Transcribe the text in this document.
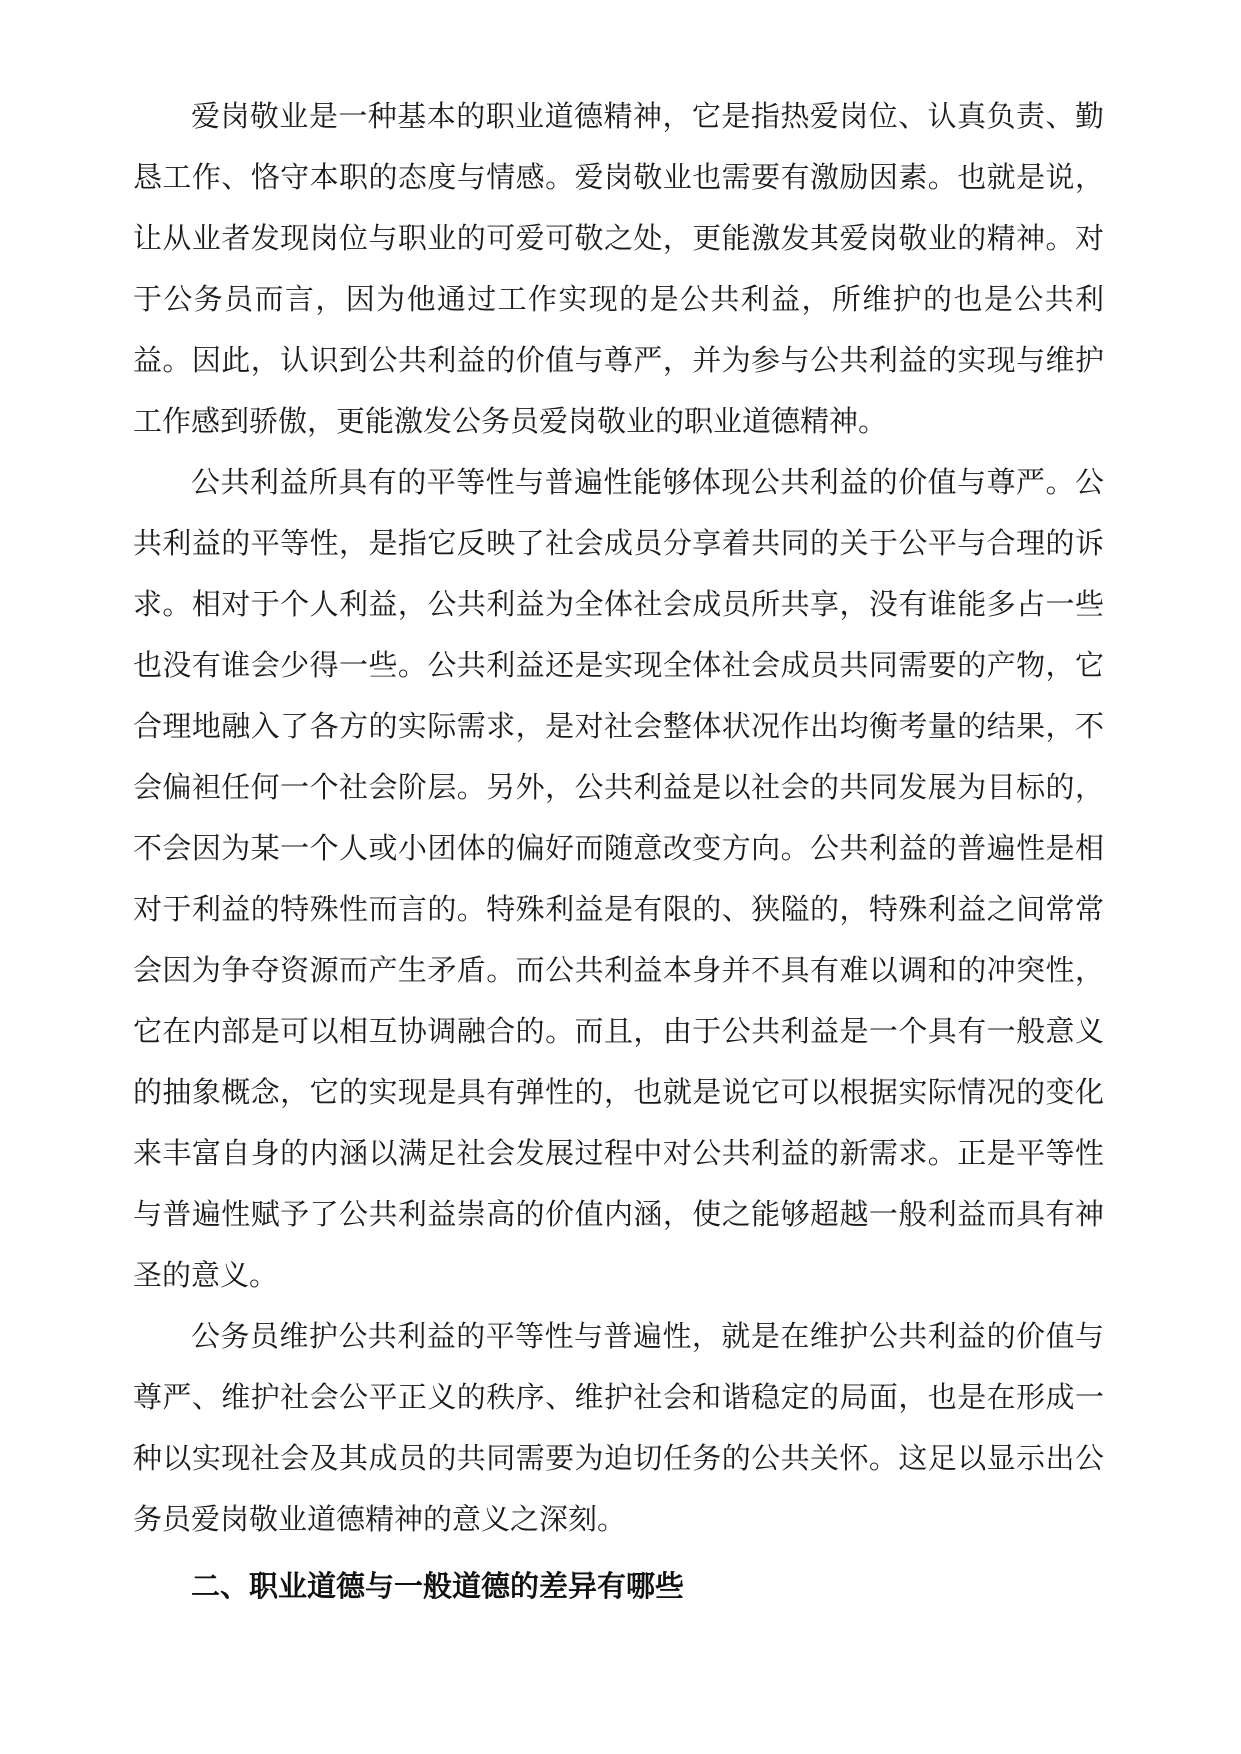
爱岗敬业是一种基本的职业道德精神，它是指热爱岗位、认真负责、勤恳工作、恪守本职的态度与情感。爱岗敬业也需要有激励因素。也就是说，让从业者发现岗位与职业的可爱可敬之处，更能激发其爱岗敬业的精神。对于公务员而言，因为他通过工作实现的是公共利益，所维护的也是公共利益。因此，认识到公共利益的价值与尊严，并为参与公共利益的实现与维护工作感到骄傲，更能激发公务员爱岗敬业的职业道德精神。

公共利益所具有的平等性与普遍性能够体现公共利益的价值与尊严。公共利益的平等性，是指它反映了社会成员分享着共同的关于公平与合理的诉求。相对于个人利益，公共利益为全体社会成员所共享，没有谁能多占一些也没有谁会少得一些。公共利益还是实现全体社会成员共同需要的产物，它合理地融入了各方的实际需求，是对社会整体状况作出均衡考量的结果，不会偏袒任何一个社会阶层。另外，公共利益是以社会的共同发展为目标的，不会因为某一个人或小团体的偏好而随意改变方向。公共利益的普遍性是相对于利益的特殊性而言的。特殊利益是有限的、狭隘的，特殊利益之间常常会因为争夺资源而产生矛盾。而公共利益本身并不具有难以调和的冲突性，它在内部是可以相互协调融合的。而且，由于公共利益是一个具有一般意义的抽象概念，它的实现是具有弹性的，也就是说它可以根据实际情况的变化来丰富自身的内涵以满足社会发展过程中对公共利益的新需求。正是平等性与普遍性赋予了公共利益崇高的价值内涵，使之能够超越一般利益而具有神圣的意义。

公务员维护公共利益的平等性与普遍性，就是在维护公共利益的价值与尊严、维护社会公平正义的秩序、维护社会和谐稳定的局面，也是在形成一种以实现社会及其成员的共同需要为迫切任务的公共关怀。这足以显示出公务员爱岗敬业道德精神的意义之深刻。

二、职业道德与一般道德的差异有哪些
